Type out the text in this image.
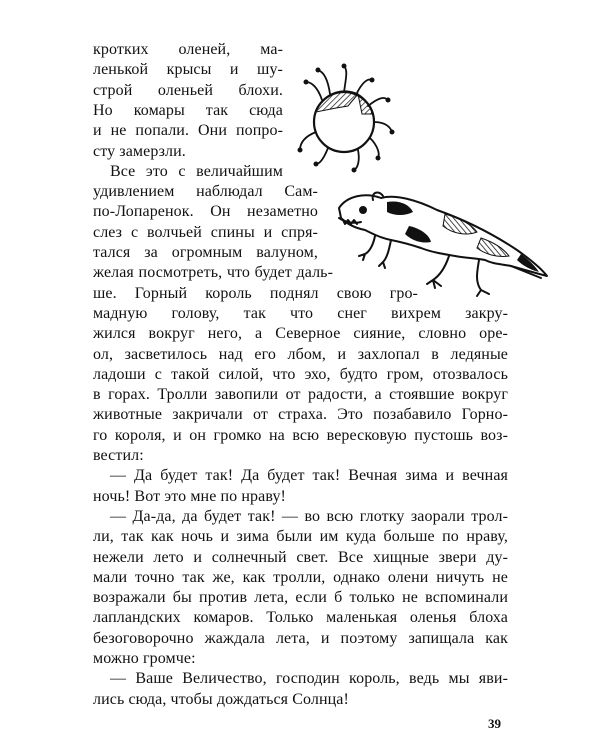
кротких оленей, ма-
ленькой крысы и шу-
строй оленьей блохи.
Но комары так сюда
и не попали. Они попро-
сту замерзли.
Все это с величайшим
удивлением наблюдал Сам-
по-Лопаренок. Он незаметно
слез с волчьей спины и спря-
тался за огромным валуном,
желая посмотреть, что будет даль-
ше. Горный король поднял свою гро-
мадную голову, так что снег вихрем закру-
жился вокруг него, а Северное сияние, словно оре-
ол, засветилось над его лбом, и захлопал в ледяные
ладоши с такой силой, что эхо, будто гром, отозвалось
в горах. Тролли завопили от радости, а стоявшие вокруг
животные закричали от страха. Это позабавило Горно-
го короля, и он громко на всю вересковую пустошь воз-
вестил:
— Да будет так! Да будет так! Вечная зима и вечная
ночь! Вот это мне по нраву!
— Да-да, да будет так! — во всю глотку заорали трол-
ли, так как ночь и зима были им куда больше по нраву,
нежели лето и солнечный свет. Все хищные звери ду-
мали точно так же, как тролли, однако олени ничуть не
возражали бы против лета, если б только не вспоминали
лапландских комаров. Только маленькая оленья блоха
безоговорочно жаждала лета, и поэтому запищала как
можно громче:
— Ваше Величество, господин король, ведь мы яви-
лись сюда, чтобы дождаться Солнца!
39
